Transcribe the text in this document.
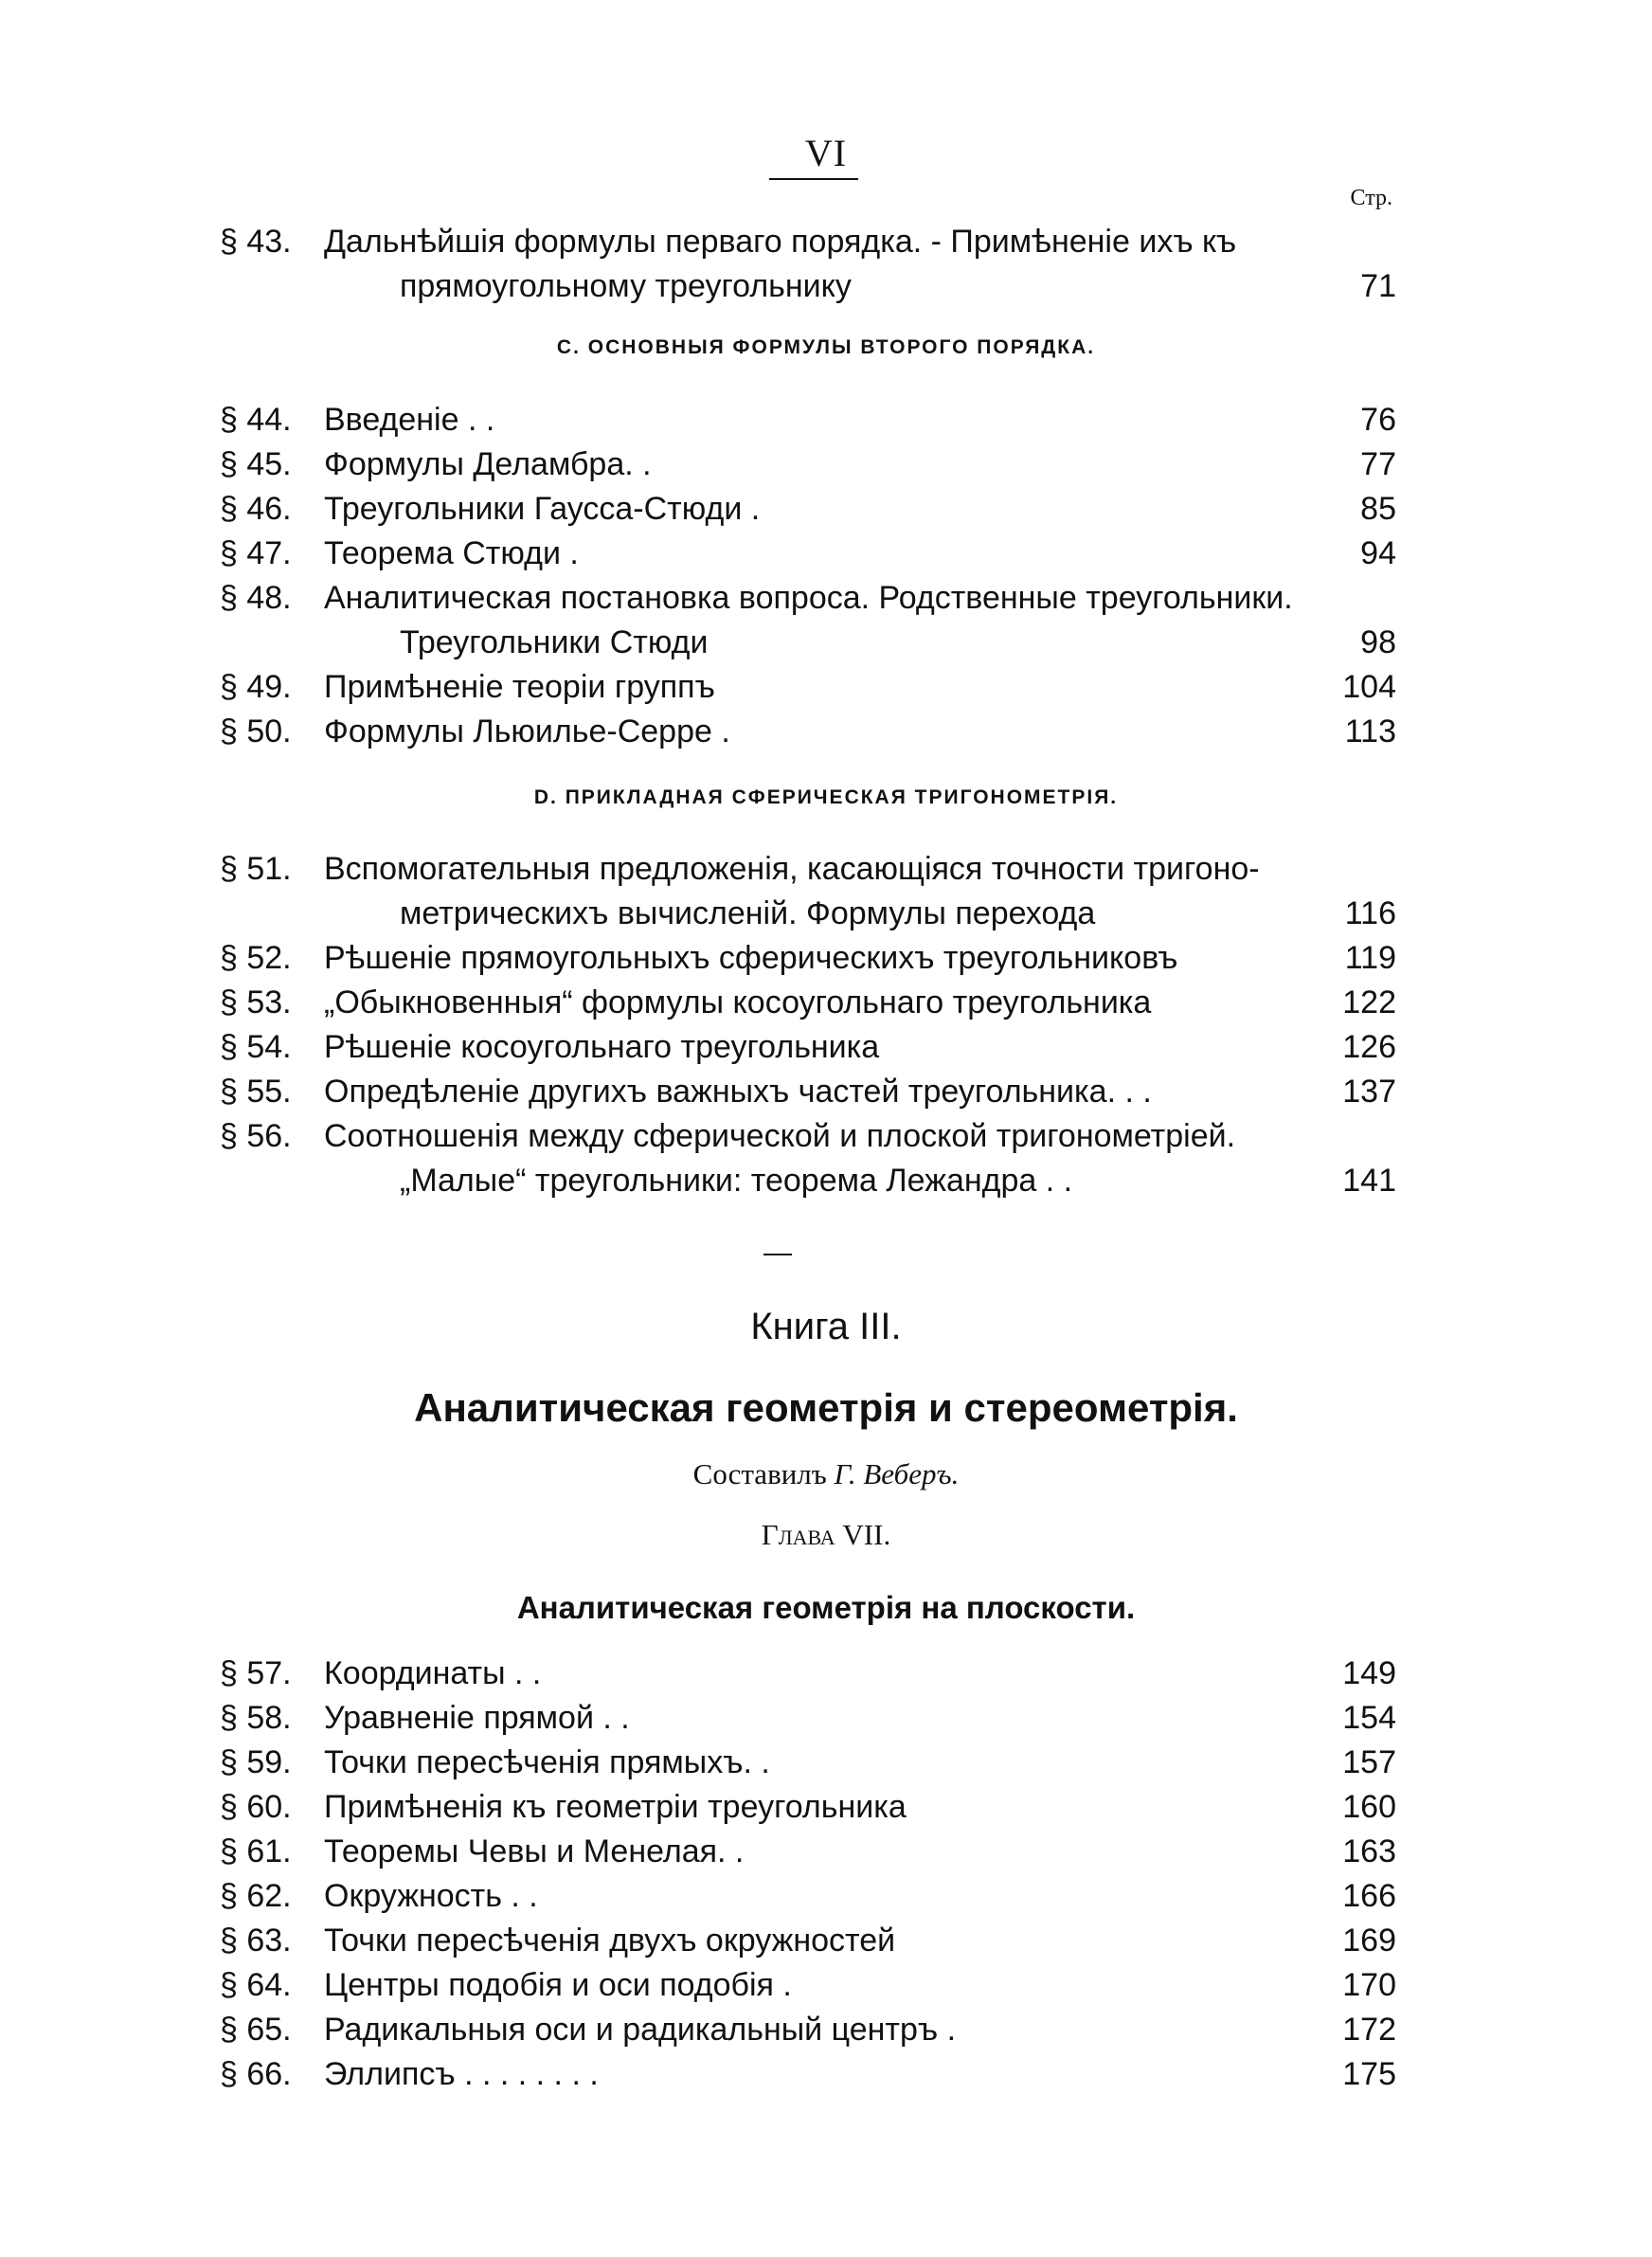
VI
Стр.
§ 43.	Дальнѣйшія формулы перваго порядка. - Примѣненіе ихъ къ
прямоугольному треугольнику	71
С. ОСНОВНЫЯ ФОРМУЛЫ ВТОРОГО ПОРЯДКА.
§ 44.	Введеніе . .	76
§ 45.	Формулы Деламбра. .	77
§ 46.	Треугольники Гаусса-Стюди .	85
§ 47.	Теорема Стюди .	94
§ 48.	Аналитическая постановка вопроса. Родственные треугольники.
Треугольники Стюди	98
§ 49.	Примѣненіе теоріи группъ	104
§ 50.	Формулы Льюилье-Серре .	113
D. ПРИКЛАДНАЯ СФЕРИЧЕСКАЯ ТРИГОНОМЕТРІЯ.
§ 51.	Вспомогательныя предложенія, касающіяся точности тригоно-
метрическихъ вычисленій. Формулы перехода	116
§ 52.	Рѣшеніе прямоугольныхъ сферическихъ треугольниковъ	119
§ 53.	„Обыкновенныя“ формулы косоугольнаго треугольника	122
§ 54.	Рѣшеніе косоугольнаго треугольника	126
§ 55.	Опредѣленіе другихъ важныхъ частей треугольника. . .	137
§ 56.	Соотношенія между сферической и плоской тригонометріей.
„Малые“ треугольники: теорема Лежандра . .	141
Книга III.
Аналитическая геометрія и стереометрія.
Составилъ Г. Веберъ.
Глава VII.
Аналитическая геометрія на плоскости.
§ 57.	Координаты . .	149
§ 58.	Уравненіе прямой . .	154
§ 59.	Точки пересѣченія прямыхъ. .	157
§ 60.	Примѣненія къ геометріи треугольника	160
§ 61.	Теоремы Чевы и Менелая. .	163
§ 62.	Окружность . .	166
§ 63.	Точки пересѣченія двухъ окружностей	169
§ 64.	Центры подобія и оси подобія .	170
§ 65.	Радикальныя оси и радикальный центръ .	172
§ 66.	Эллипсъ . . . . . . . .	175
